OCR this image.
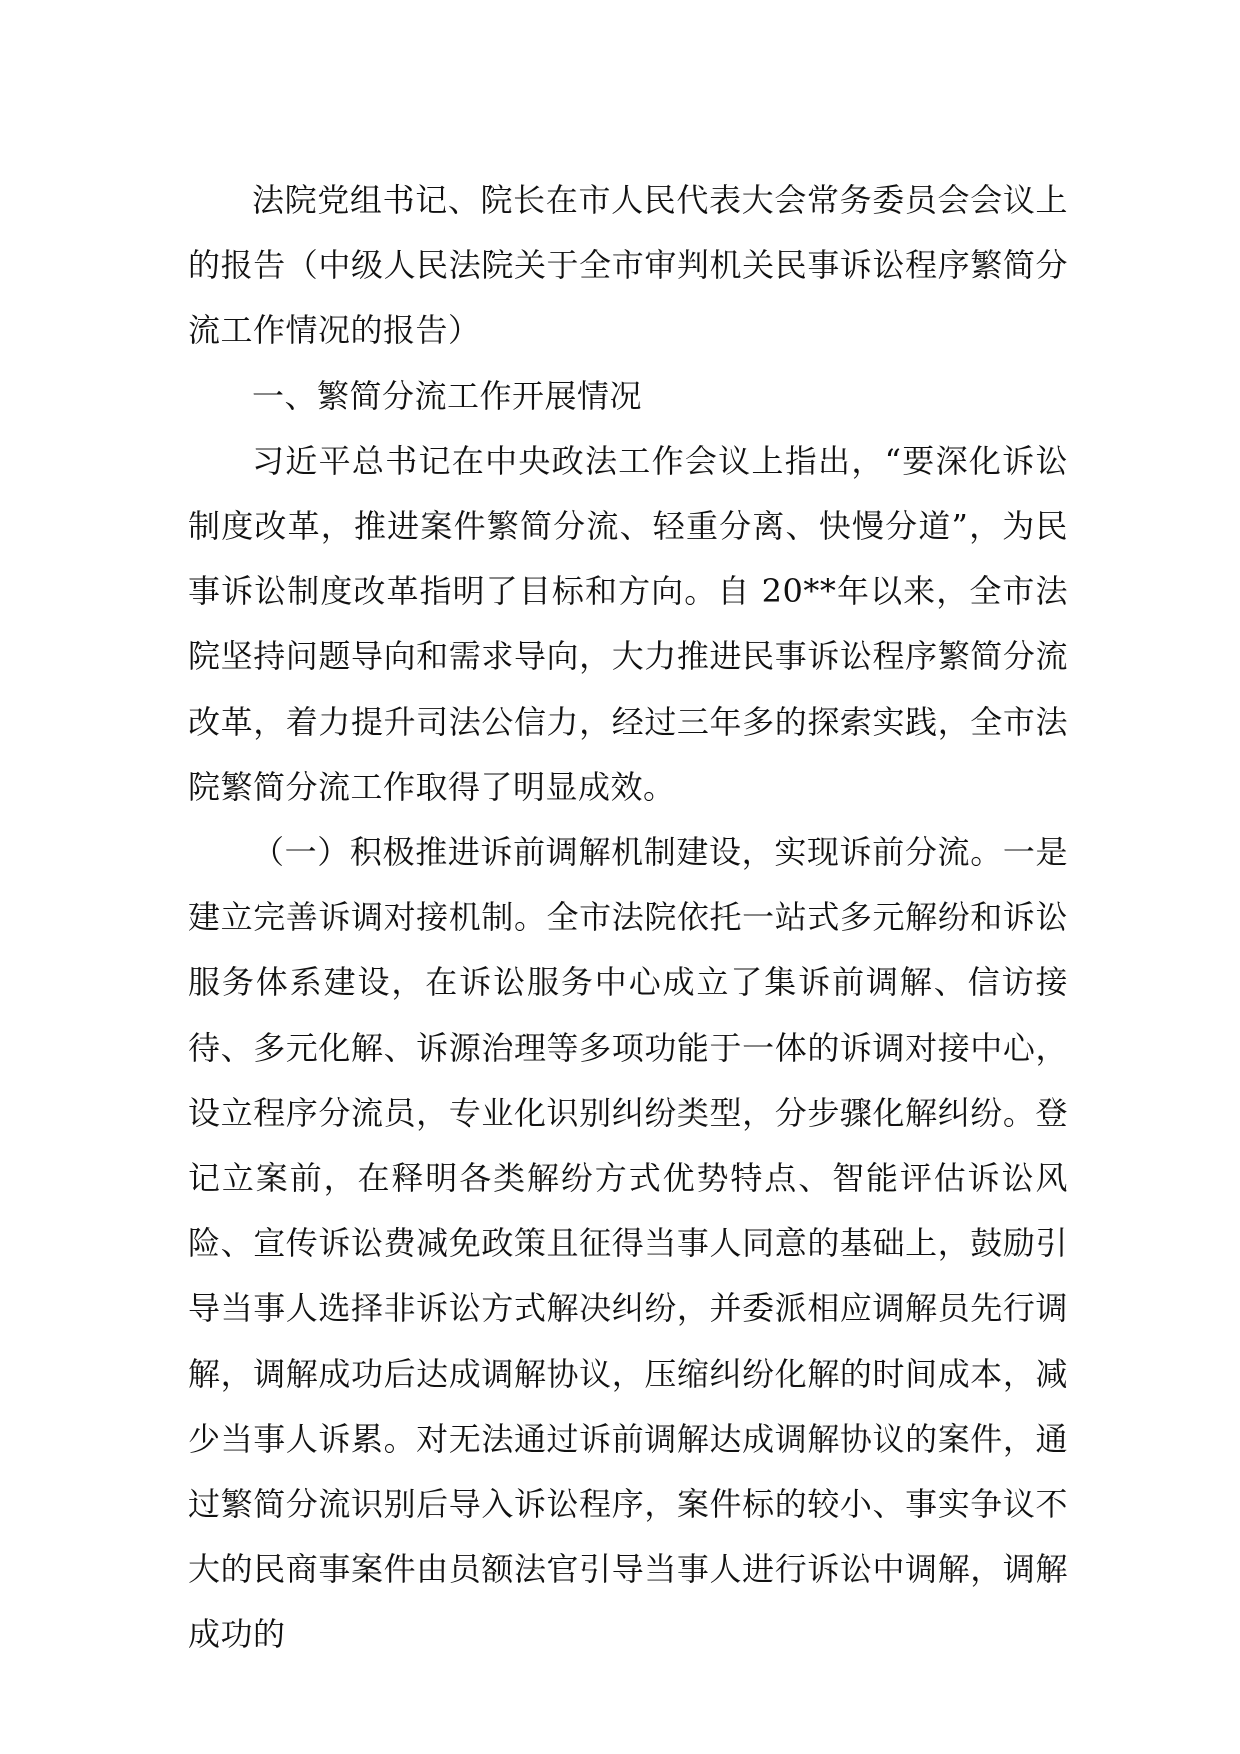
法院党组书记、院长在市人民代表大会常务委员会会议上的报告（中级人民法院关于全市审判机关民事诉讼程序繁简分流工作情况的报告）

一、繁简分流工作开展情况

习近平总书记在中央政法工作会议上指出，“要深化诉讼制度改革，推进案件繁简分流、轻重分离、快慢分道”，为民事诉讼制度改革指明了目标和方向。自 20**年以来，全市法院坚持问题导向和需求导向，大力推进民事诉讼程序繁简分流改革，着力提升司法公信力，经过三年多的探索实践，全市法院繁简分流工作取得了明显成效。

（一）积极推进诉前调解机制建设，实现诉前分流。一是建立完善诉调对接机制。全市法院依托一站式多元解纷和诉讼服务体系建设，在诉讼服务中心成立了集诉前调解、信访接待、多元化解、诉源治理等多项功能于一体的诉调对接中心，设立程序分流员，专业化识别纠纷类型，分步骤化解纠纷。登记立案前，在释明各类解纷方式优势特点、智能评估诉讼风险、宣传诉讼费减免政策且征得当事人同意的基础上，鼓励引导当事人选择非诉讼方式解决纠纷，并委派相应调解员先行调解，调解成功后达成调解协议，压缩纠纷化解的时间成本，减少当事人诉累。对无法通过诉前调解达成调解协议的案件，通过繁简分流识别后导入诉讼程序，案件标的较小、事实争议不大的民商事案件由员额法官引导当事人进行诉讼中调解，调解成功的
